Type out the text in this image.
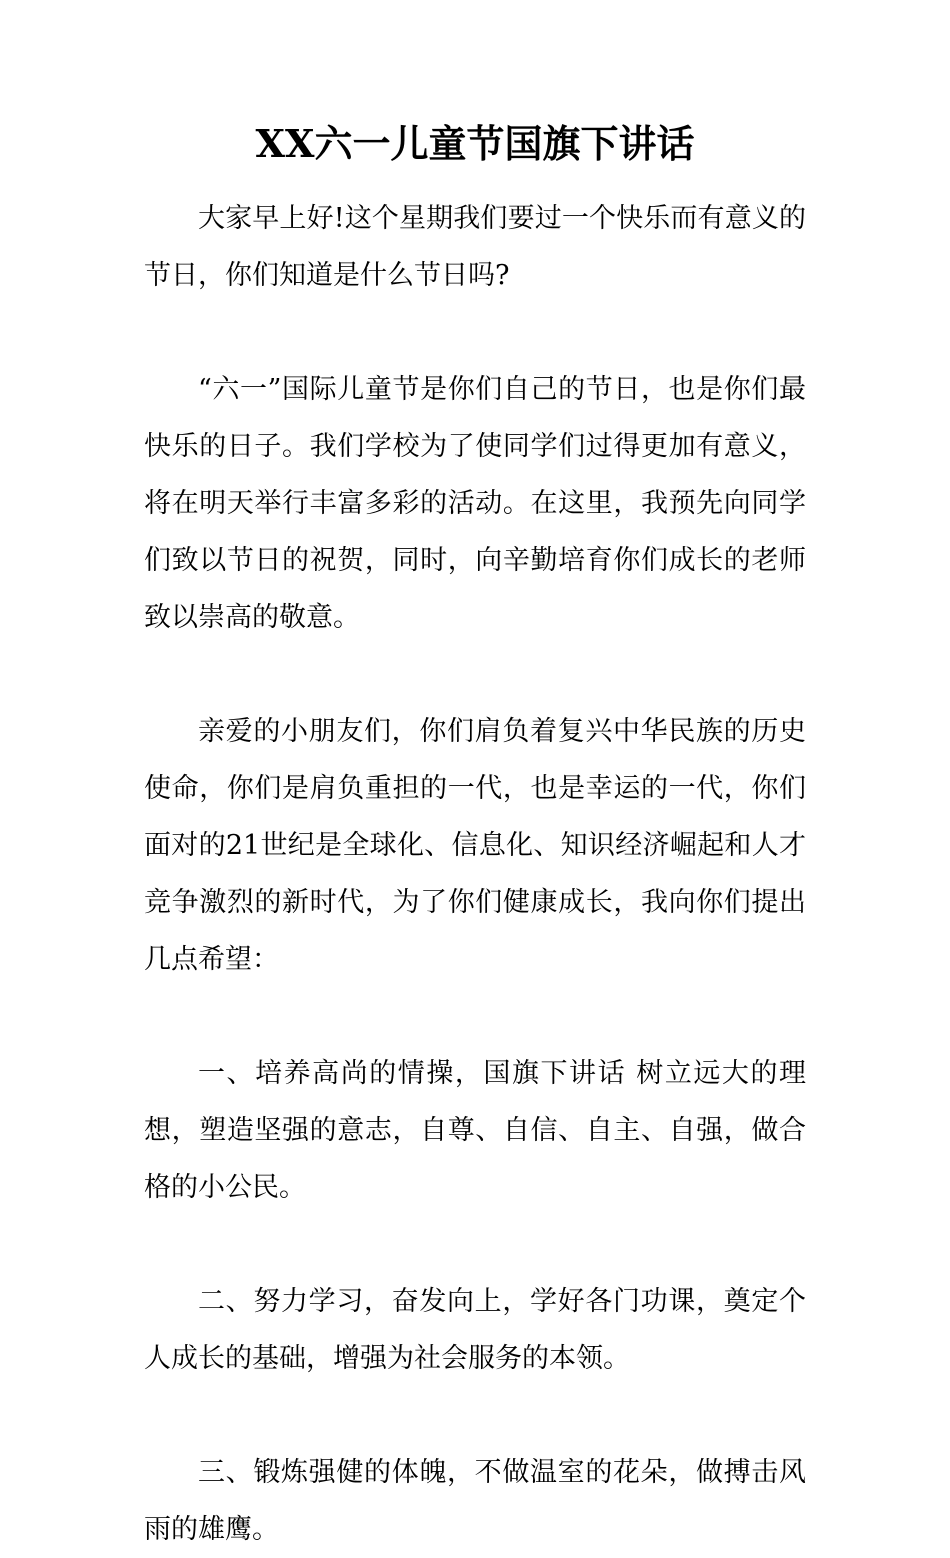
XX六一儿童节国旗下讲话

大家早上好!这个星期我们要过一个快乐而有意义的节日，你们知道是什么节日吗?

“六一”国际儿童节是你们自己的节日，也是你们最快乐的日子。我们学校为了使同学们过得更加有意义，将在明天举行丰富多彩的活动。在这里，我预先向同学们致以节日的祝贺，同时，向辛勤培育你们成长的老师致以崇高的敬意。

亲爱的小朋友们，你们肩负着复兴中华民族的历史使命，你们是肩负重担的一代，也是幸运的一代，你们面对的21世纪是全球化、信息化、知识经济崛起和人才竞争激烈的新时代，为了你们健康成长，我向你们提出几点希望：

一、培养高尚的情操，国旗下讲话 树立远大的理想，塑造坚强的意志，自尊、自信、自主、自强，做合格的小公民。

二、努力学习，奋发向上，学好各门功课，奠定个人成长的基础，增强为社会服务的本领。

三、锻炼强健的体魄，不做温室的花朵，做搏击风雨的雄鹰。
